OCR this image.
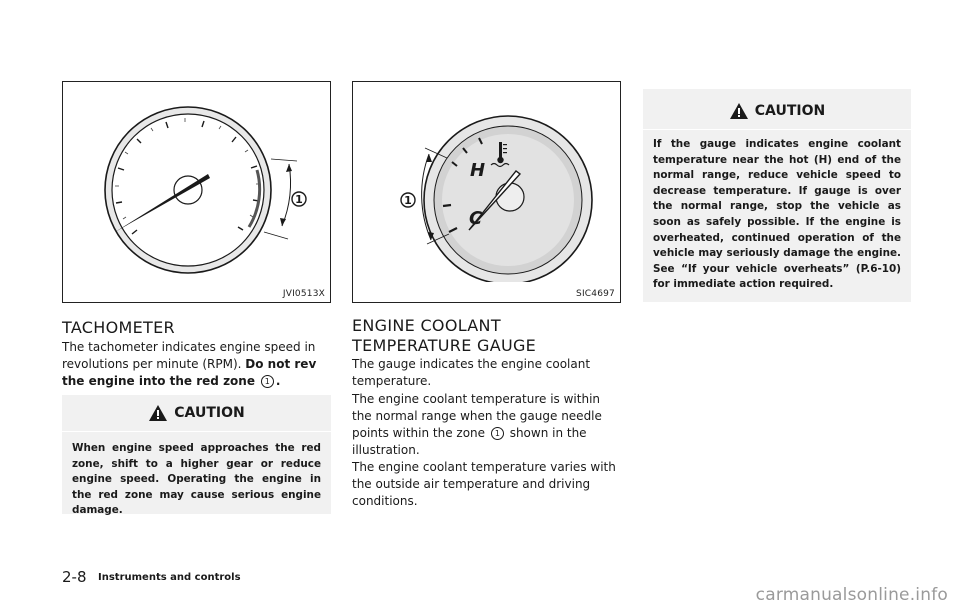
1
JVI0513X
TACHOMETER

The tachometer indicates engine speed in revolutions per minute (RPM). Do not rev the engine into the red zone 1 .

CAUTION

When engine speed approaches the red zone, shift to a higher gear or reduce engine speed. Operating the engine in the red zone may cause serious engine damage.

H
C
1
SIC4697
ENGINE COOLANT TEMPERATURE GAUGE

The gauge indicates the engine coolant temperature.

The engine coolant temperature is within the normal range when the gauge needle points within the zone 1 shown in the illustration.

The engine coolant temperature varies with the outside air temperature and driving conditions.

CAUTION

If the gauge indicates engine coolant temperature near the hot (H) end of the normal range, reduce vehicle speed to decrease temperature. If gauge is over the normal range, stop the vehicle as soon as safely possible. If the engine is overheated, continued operation of the vehicle may seriously damage the engine. See “If your vehicle overheats” (P.6-10) for immediate action required.

2-8 Instruments and controls
carmanualsonline.info
